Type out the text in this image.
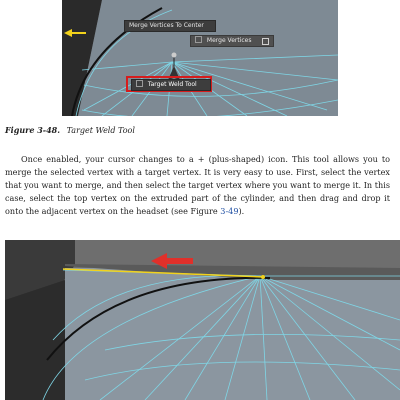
Merge Vertices To Center
Merge Vertices
Target Weld Tool

Figure 3-48. Target Weld Tool

Once enabled, your cursor changes to a + (plus-shaped) icon. This tool allows you to merge the selected vertex with a target vertex. It is very easy to use. First, select the vertex that you want to merge, and then select the target vertex where you want to merge it. In this case, select the top vertex on the extruded part of the cylinder, and then drag and drop it onto the adjacent vertex on the headset (see Figure 3-49).
